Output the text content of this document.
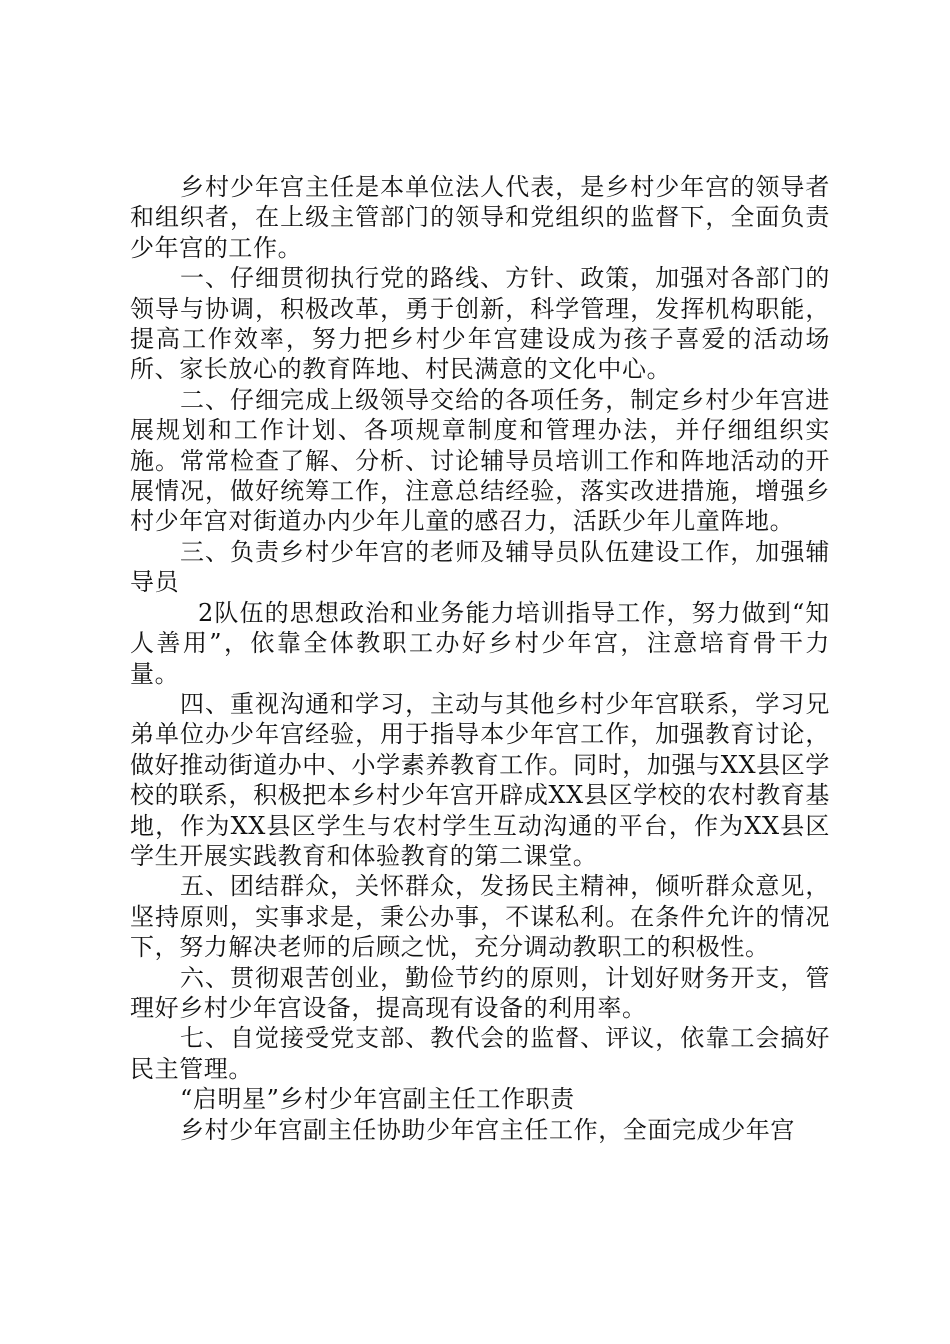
乡村少年宫主任是本单位法人代表，是乡村少年宫的领导者和组织者，在上级主管部门的领导和党组织的监督下，全面负责少年宫的工作。

一、仔细贯彻执行党的路线、方针、政策，加强对各部门的领导与协调，积极改革，勇于创新，科学管理，发挥机构职能，提高工作效率，努力把乡村少年宫建设成为孩子喜爱的活动场所、家长放心的教育阵地、村民满意的文化中心。

二、仔细完成上级领导交给的各项任务，制定乡村少年宫进展规划和工作计划、各项规章制度和管理办法，并仔细组织实施。常常检查了解、分析、讨论辅导员培训工作和阵地活动的开展情况，做好统筹工作，注意总结经验，落实改进措施，增强乡村少年宫对街道办内少年儿童的感召力，活跃少年儿童阵地。

三、负责乡村少年宫的老师及辅导员队伍建设工作，加强辅导员

2队伍的思想政治和业务能力培训指导工作，努力做到“知人善用”，依靠全体教职工办好乡村少年宫，注意培育骨干力量。

四、重视沟通和学习，主动与其他乡村少年宫联系，学习兄弟单位办少年宫经验，用于指导本少年宫工作，加强教育讨论，做好推动街道办中、小学素养教育工作。同时，加强与XX县区学校的联系，积极把本乡村少年宫开辟成XX县区学校的农村教育基地，作为XX县区学生与农村学生互动沟通的平台，作为XX县区学生开展实践教育和体验教育的第二课堂。

五、团结群众，关怀群众，发扬民主精神，倾听群众意见，坚持原则，实事求是，秉公办事，不谋私利。在条件允许的情况下，努力解决老师的后顾之忧，充分调动教职工的积极性。

六、贯彻艰苦创业，勤俭节约的原则，计划好财务开支，管理好乡村少年宫设备，提高现有设备的利用率。

七、自觉接受党支部、教代会的监督、评议，依靠工会搞好民主管理。

“启明星”乡村少年宫副主任工作职责

乡村少年宫副主任协助少年宫主任工作，全面完成少年宫
